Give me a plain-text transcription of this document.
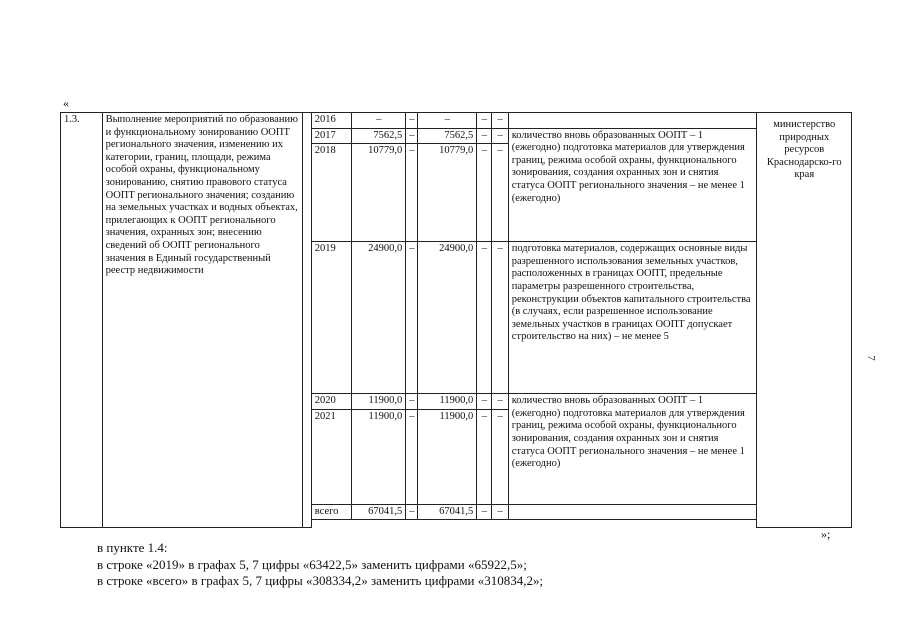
«
7
1.3.	Выполнение мероприятий по образованию и функциональному зонированию ООПТ регионального значения, изменению их категории, границ, площади, режима особой охраны, функциональному зонированию, снятию правового статуса ООПТ регионального значения; созданию на земельных участках и водных объектах, прилегающих к ООПТ регионального значения, охранных зон; внесению сведений об ООПТ регионального значения в Единый государственный реестр недвижимости		2016	–	–	–	–	–		министерство природных ресурсов Краснодарско-го края
			2017	7562,5	–	7562,5	–	–	количество вновь образованных ООПТ – 1 (ежегодно) подготовка материалов для утверждения границ, режима особой охраны, функционального зонирования, создания охранных зон и снятия статуса ООПТ регионального значения – не менее 1 (ежегодно)	
			2018	10779,0	–	10779,0	–	–		
			2019	24900,0	–	24900,0	–	–	подготовка материалов, содержащих основные виды разрешенного использования земельных участков, расположенных в границах ООПТ, предельные параметры разрешенного строительства, реконструкции объектов капитального строительства (в случаях, если разрешенное использование земельных участков в границах ООПТ допускает строительство на них) – не менее 5	
			2020	11900,0	–	11900,0	–	–	количество вновь образованных ООПТ – 1 (ежегодно) подготовка материалов для утверждения границ, режима особой охраны, функционального зонирования, создания охранных зон и снятия статуса ООПТ регионального значения – не менее 1 (ежегодно)	
			2021	11900,0	–	11900,0	–	–		
			всего	67041,5	–	67041,5	–	–		

»;
в пункте 1.4:
в строке «2019» в графах 5, 7 цифры «63422,5» заменить цифрами «65922,5»;
в строке «всего» в графах 5, 7 цифры «308334,2» заменить цифрами «310834,2»;
